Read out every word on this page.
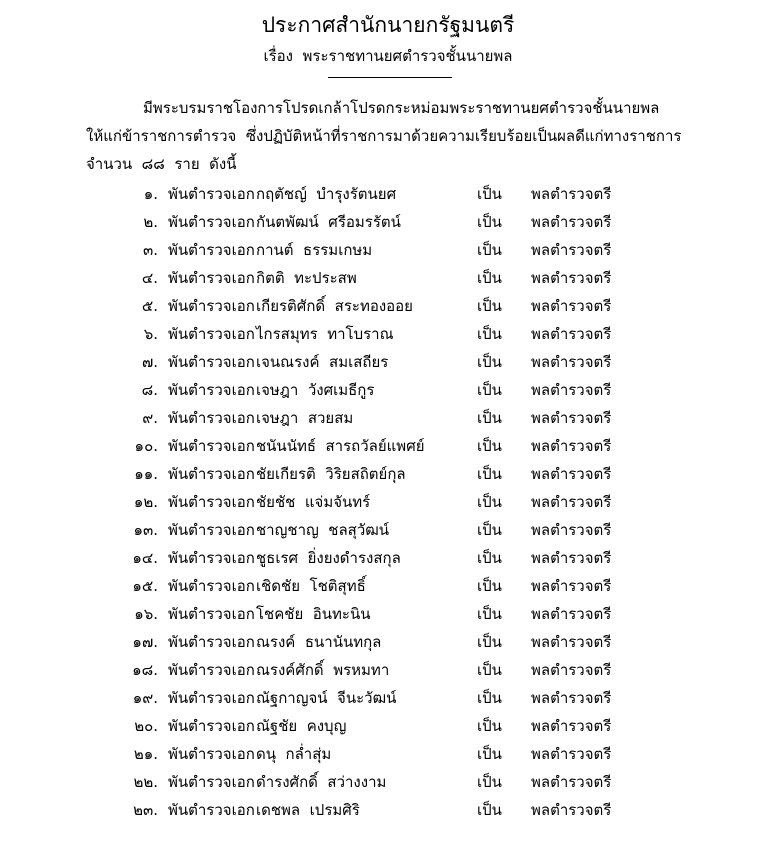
ประกาศสำนักนายกรัฐมนตรี
เรื่อง  พระราชทานยศตำรวจชั้นนายพล
มีพระบรมราชโองการโปรดเกล้าโปรดกระหม่อมพระราชทานยศตำรวจชั้นนายพล
ให้แก่ข้าราชการตำรวจ  ซึ่งปฏิบัติหน้าที่ราชการมาด้วยความเรียบร้อยเป็นผลดีแก่ทางราชการ
จำนวน  ๘๘  ราย  ดังนี้
๑. พันตำรวจเอก กฤตัชญ์  บำรุงรัตนยศ	เป็น พลตำรวจตรี
๒. พันตำรวจเอก กันตพัฒน์  ศรีอมรรัตน์	เป็น พลตำรวจตรี
๓. พันตำรวจเอก กานต์  ธรรมเกษม	เป็น พลตำรวจตรี
๔. พันตำรวจเอก กิตติ  ทะประสพ	เป็น พลตำรวจตรี
๕. พันตำรวจเอก เกียรติศักดิ์  สระทองออย	เป็น พลตำรวจตรี
๖. พันตำรวจเอก ไกรสมุทร  ทาโบราณ	เป็น พลตำรวจตรี
๗. พันตำรวจเอก เจนณรงค์  สมเสถียร	เป็น พลตำรวจตรี
๘. พันตำรวจเอก เจษฎา  วังศเมธีกูร	เป็น พลตำรวจตรี
๙. พันตำรวจเอก เจษฎา  สวยสม	เป็น พลตำรวจตรี
๑๐. พันตำรวจเอก ชนันนัทธ์  สารถวัลย์แพศย์	เป็น พลตำรวจตรี
๑๑. พันตำรวจเอก ชัยเกียรติ  วิริยสถิตย์กุล	เป็น พลตำรวจตรี
๑๒. พันตำรวจเอก ชัยชัช  แจ่มจันทร์	เป็น พลตำรวจตรี
๑๓. พันตำรวจเอก ชาญชาญ  ชลสุวัฒน์	เป็น พลตำรวจตรี
๑๔. พันตำรวจเอก ชูธเรศ  ยิ่งยงดำรงสกุล	เป็น พลตำรวจตรี
๑๕. พันตำรวจเอก เชิดชัย  โชติสุทธิ์	เป็น พลตำรวจตรี
๑๖. พันตำรวจเอก โชคชัย  อินทะนิน	เป็น พลตำรวจตรี
๑๗. พันตำรวจเอก ณรงค์  ธนานันทกุล	เป็น พลตำรวจตรี
๑๘. พันตำรวจเอก ณรงค์ศักดิ์  พรหมทา	เป็น พลตำรวจตรี
๑๙. พันตำรวจเอก ณัฐกาญจน์  จีนะวัฒน์	เป็น พลตำรวจตรี
๒๐. พันตำรวจเอก ณัฐชัย  คงบุญ	เป็น พลตำรวจตรี
๒๑. พันตำรวจเอก ดนุ  กล่ำสุ่ม	เป็น พลตำรวจตรี
๒๒. พันตำรวจเอก ดำรงศักดิ์  สว่างงาม	เป็น พลตำรวจตรี
๒๓. พันตำรวจเอก เดชพล  เปรมศิริ	เป็น พลตำรวจตรี
